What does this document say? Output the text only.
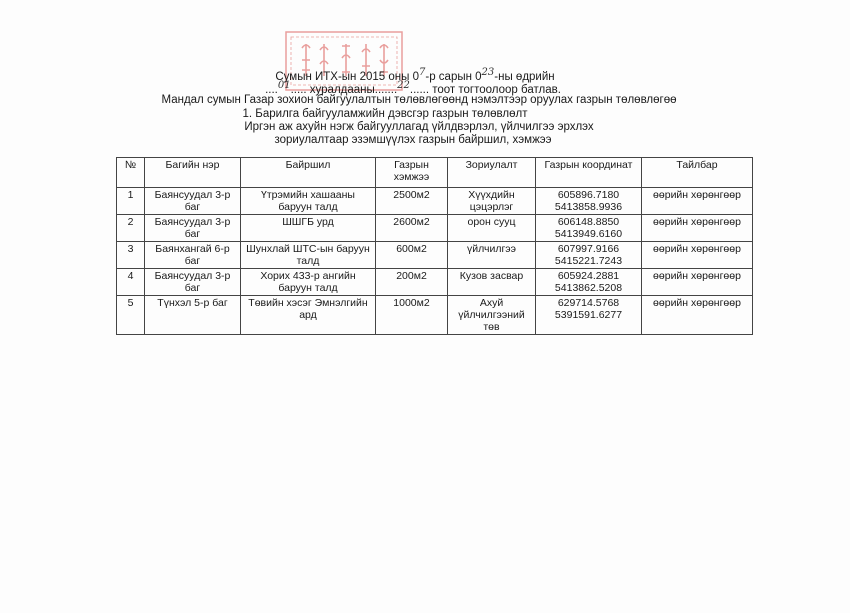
Сумын ИТХ-ын 2015 оны 07-р сарын 023-ны өдрийн
....01..... хуралдааны.......22...... тоот тогтоолоор батлав.
Мандал сумын Газар зохион байгуулалтын төлөвлөгөөнд нэмэлтээр оруулах газрын төлөвлөгөө
1. Барилга байгууламжийн дэвсгэр газрын төлөвлөлт
Иргэн аж ахуйн нэгж байгууллагад үйлдвэрлэл, үйлчилгээ эрхлэх
зориулалтаар эзэмшүүлэх газрын байршил, хэмжээ
№	Багийн нэр	Байршил	Газрын хэмжээ	Зориулалт	Газрын координат	Тайлбар
1	Баянсуудал 3-р баг	Үтрэмийн хашааны баруун талд	2500м2	Хүүхдийн цэцэрлэг	605896.7180
5413858.9936	өөрийн хөрөнгөөр
2	Баянсуудал 3-р баг	ШШГБ урд	2600м2	орон сууц	606148.8850
5413949.6160	өөрийн хөрөнгөөр
3	Баянхангай 6-р баг	Шунхлай ШТС-ын баруун талд	600м2	үйлчилгээ	607997.9166
5415221.7243	өөрийн хөрөнгөөр
4	Баянсуудал 3-р баг	Хорих 433-р ангийн баруун талд	200м2	Кузов засвар	605924.2881
5413862.5208	өөрийн хөрөнгөөр
5	Түнхэл 5-р баг	Төвийн хэсэг Эмнэлгийн ард	1000м2	Ахуй үйлчилгээний төв	629714.5768
5391591.6277	өөрийн хөрөнгөөр
